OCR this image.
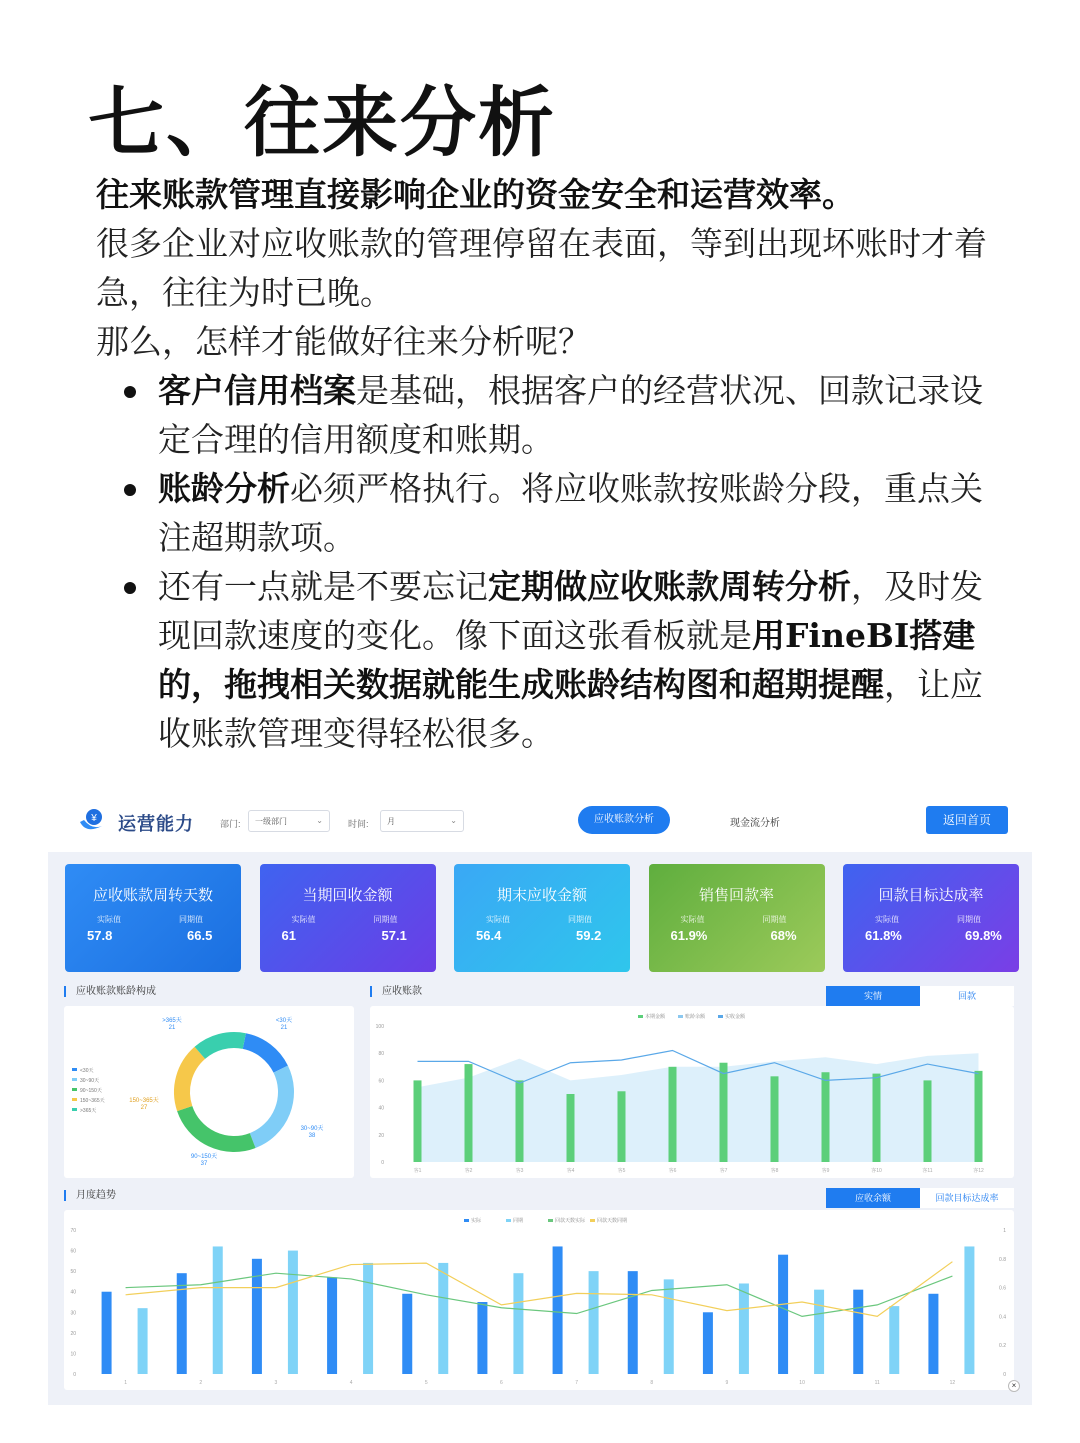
七、往来分析
往来账款管理直接影响企业的资金安全和运营效率。
很多企业对应收账款的管理停留在表面，等到出现坏账时才着急，往往为时已晚。
那么，怎样才能做好往来分析呢？
客户信用档案是基础，根据客户的经营状况、回款记录设定合理的信用额度和账期。
账龄分析必须严格执行。将应收账款按账龄分段，重点关注超期款项。
还有一点就是不要忘记定期做应收账款周转分析，及时发现回款速度的变化。像下面这张看板就是用FineBI搭建的，拖拽相关数据就能生成账龄结构图和超期提醒，让应收账款管理变得轻松很多。
¥ 运营能力	部门:	一级部门	⌄	时间:	月	⌄	应收账款分析	现金流分析	返回首页
应收账款周转天数
实际值	同期值
57.8	66.5
当期回收金额
实际值	同期值
61	57.1
期末应收金额
实际值	同期值
56.4	59.2
销售回款率
实际值	同期值
61.9%	68%
回款目标达成率
实际值	同期值
61.8%	69.8%
应收账款账龄构成
<30天
21
30~90天
38
90~150天
37
150~365天
27
>365天
21
<30天
30~90天
90~150天
150~365天
>365天
应收账款	实情	回款
0
20
40
60
80
100
客1	客2	客3	客4	客5	客6	客7	客8	客9	客10	客11	客12
本期金额	账龄余额	实收金额
月度趋势	应收余额	回款目标达成率
0
10
20
30
40
50
60
70
0
0.2
0.4
0.6
0.8
1
1	2	3	4	5	6	7	8	9	10	11	12
实际	同期	回款天数实际 回款天数同期
×
